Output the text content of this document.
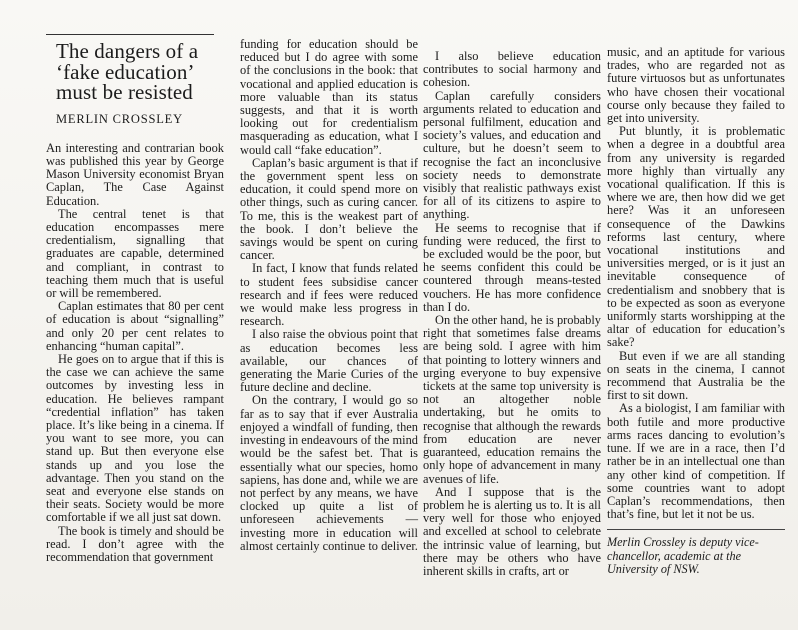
The dangers of a
‘fake education’
must be resisted
MERLIN CROSSLEY

An interesting and contrarian book was published this year by George Mason University economist Bryan Caplan, The Case Against Education.

The central tenet is that education encompasses mere credentialism, signalling that graduates are capable, determined and compliant, in contrast to teaching them much that is useful or will be remembered.

Caplan estimates that 80 per cent of education is about “signalling” and only 20 per cent relates to enhancing “human capital”.

He goes on to argue that if this is the case we can achieve the same outcomes by investing less in education. He believes rampant “credential inflation” has taken place. It’s like being in a cinema. If you want to see more, you can stand up. But then everyone else stands up and you lose the advantage. Then you stand on the seat and everyone else stands on their seats. Society would be more comfortable if we all just sat down.

The book is timely and should be read. I don’t agree with the recommendation that government

funding for education should be reduced but I do agree with some of the conclusions in the book: that vocational and applied education is more valuable than its status suggests, and that it is worth looking out for credentialism masquerading as education, what I would call “fake education”.

Caplan’s basic argument is that if the government spent less on education, it could spend more on other things, such as curing cancer. To me, this is the weakest part of the book. I don’t believe the savings would be spent on curing cancer.

In fact, I know that funds related to student fees subsidise cancer research and if fees were reduced we would make less progress in research.

I also raise the obvious point that as education becomes less available, our chances of generating the Marie Curies of the future decline and decline.

On the contrary, I would go so far as to say that if ever Australia enjoyed a windfall of funding, then investing in endeavours of the mind would be the safest bet. That is essentially what our species, homo sapiens, has done and, while we are not perfect by any means, we have clocked up quite a list of unforeseen achievements — investing more in education will almost certainly continue to deliver.

I also believe education contributes to social harmony and cohesion.

Caplan carefully considers arguments related to education and personal fulfilment, education and society’s values, and education and culture, but he doesn’t seem to recognise the fact an inconclusive society needs to demonstrate visibly that realistic pathways exist for all of its citizens to aspire to anything.

He seems to recognise that if funding were reduced, the first to be excluded would be the poor, but he seems confident this could be countered through means-tested vouchers. He has more confidence than I do.

On the other hand, he is probably right that sometimes false dreams are being sold. I agree with him that pointing to lottery winners and urging everyone to buy expensive tickets at the same top university is not an altogether noble undertaking, but he omits to recognise that although the rewards from education are never guaranteed, education remains the only hope of advancement in many avenues of life.

And I suppose that is the problem he is alerting us to. It is all very well for those who enjoyed and excelled at school to celebrate the intrinsic value of learning, but there may be others who have inherent skills in crafts, art or

music, and an aptitude for various trades, who are regarded not as future virtuosos but as unfortunates who have chosen their vocational course only because they failed to get into university.

Put bluntly, it is problematic when a degree in a doubtful area from any university is regarded more highly than virtually any vocational qualification. If this is where we are, then how did we get here? Was it an unforeseen consequence of the Dawkins reforms last century, where vocational institutions and universities merged, or is it just an inevitable consequence of credentialism and snobbery that is to be expected as soon as everyone uniformly starts worshipping at the altar of education for education’s sake?

But even if we are all standing on seats in the cinema, I cannot recommend that Australia be the first to sit down.

As a biologist, I am familiar with both futile and more productive arms races dancing to evolution’s tune. If we are in a race, then I’d rather be in an intellectual one than any other kind of competition. If some countries want to adopt Caplan’s recommendations, then that’s fine, but let it not be us.

Merlin Crossley is deputy vice-chancellor, academic at the University of NSW.
